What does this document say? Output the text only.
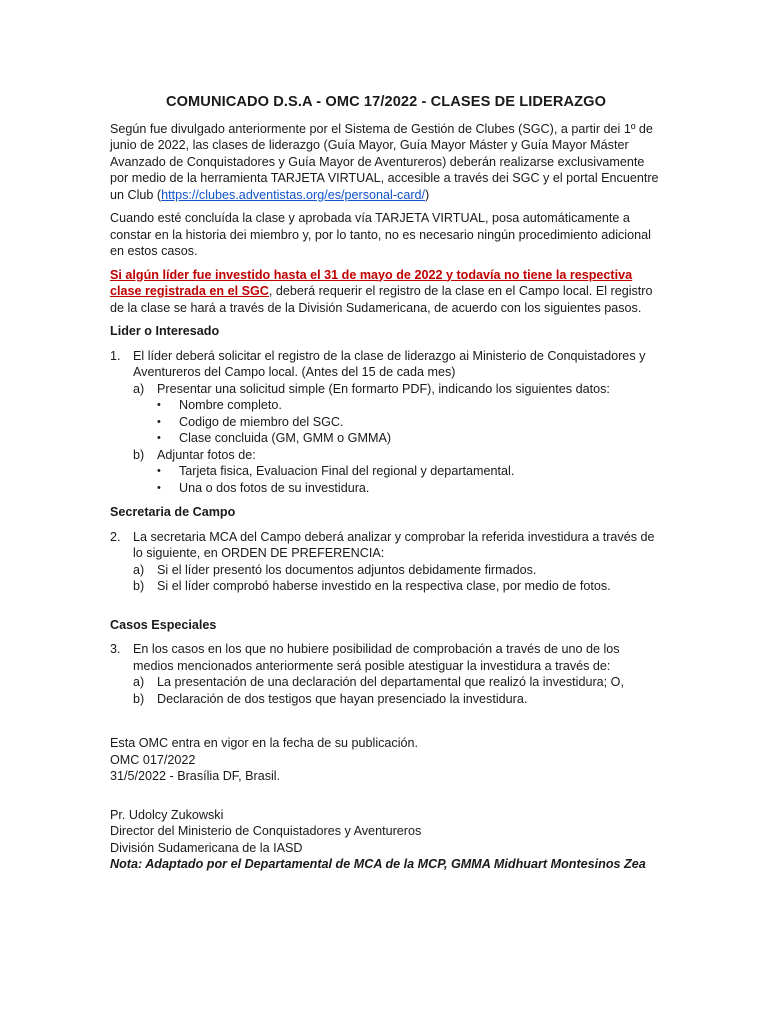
COMUNICADO D.S.A - OMC 17/2022 - CLASES DE LIDERAZGO

Según fue divulgado anteriormente por el Sistema de Gestión de Clubes (SGC), a partir dei 1º de junio de 2022, las clases de liderazgo (Guía Mayor, Guía Mayor Máster y Guía Mayor Máster Avanzado de Conquistadores y Guía Mayor de Aventureros) deberán realizarse exclusivamente por medio de la herramienta TARJETA VIRTUAL, accesible a través dei SGC y el portal Encuentre un Club (https://clubes.adventistas.org/es/personal-card/)

Cuando esté concluída la clase y aprobada vía TARJETA VIRTUAL, posa automáticamente a constar en la historia dei miembro y, por lo tanto, no es necesario ningún procedimiento adicional en estos casos.

Si algún líder fue investido hasta el 31 de mayo de 2022 y todavía no tiene la respectiva clase registrada en el SGC, deberá requerir el registro de la clase en el Campo local. El registro de la clase se hará a través de la División Sudamericana, de acuerdo con los siguientes pasos.

Lider o Interesado
1. El líder deberá solicitar el registro de la clase de liderazgo ai Ministerio de Conquistadores y Aventureros del Campo local. (Antes del 15 de cada mes)
a)	Presentar una solicitud simple (En formarto PDF), indicando los siguientes datos:
•	Nombre completo.
•	Codigo de miembro del SGC.
•	Clase concluida (GM, GMM o GMMA)
b)	Adjuntar fotos de:
•	Tarjeta fisica, Evaluacion Final del regional y departamental.
•	Una o dos fotos de su investidura.
Secretaria de Campo
2. La secretaria MCA del Campo deberá analizar y comprobar la referida investidura a través de lo siguiente, en ORDEN DE PREFERENCIA:
a)	Si el líder presentó los documentos adjuntos debidamente firmados.
b)	Si el líder comprobó haberse investido en la respectiva clase, por medio de fotos.
Casos Especiales
3. En los casos en los que no hubiere posibilidad de comprobación a través de uno de los medios mencionados anteriormente será posible atestiguar la investidura a través de:
a)	La presentación de una declaración del departamental que realizó la investidura; O,
b)	Declaración de dos testigos que hayan presenciado la investidura.
Esta OMC entra en vigor en la fecha de su publicación.
OMC 017/2022
31/5/2022 - Brasília DF, Brasil.
Pr. Udolcy Zukowski
Director del Ministerio de Conquistadores y Aventureros
División Sudamericana de la IASD
Nota: Adaptado por el Departamental de MCA de la MCP, GMMA Midhuart Montesinos Zea
